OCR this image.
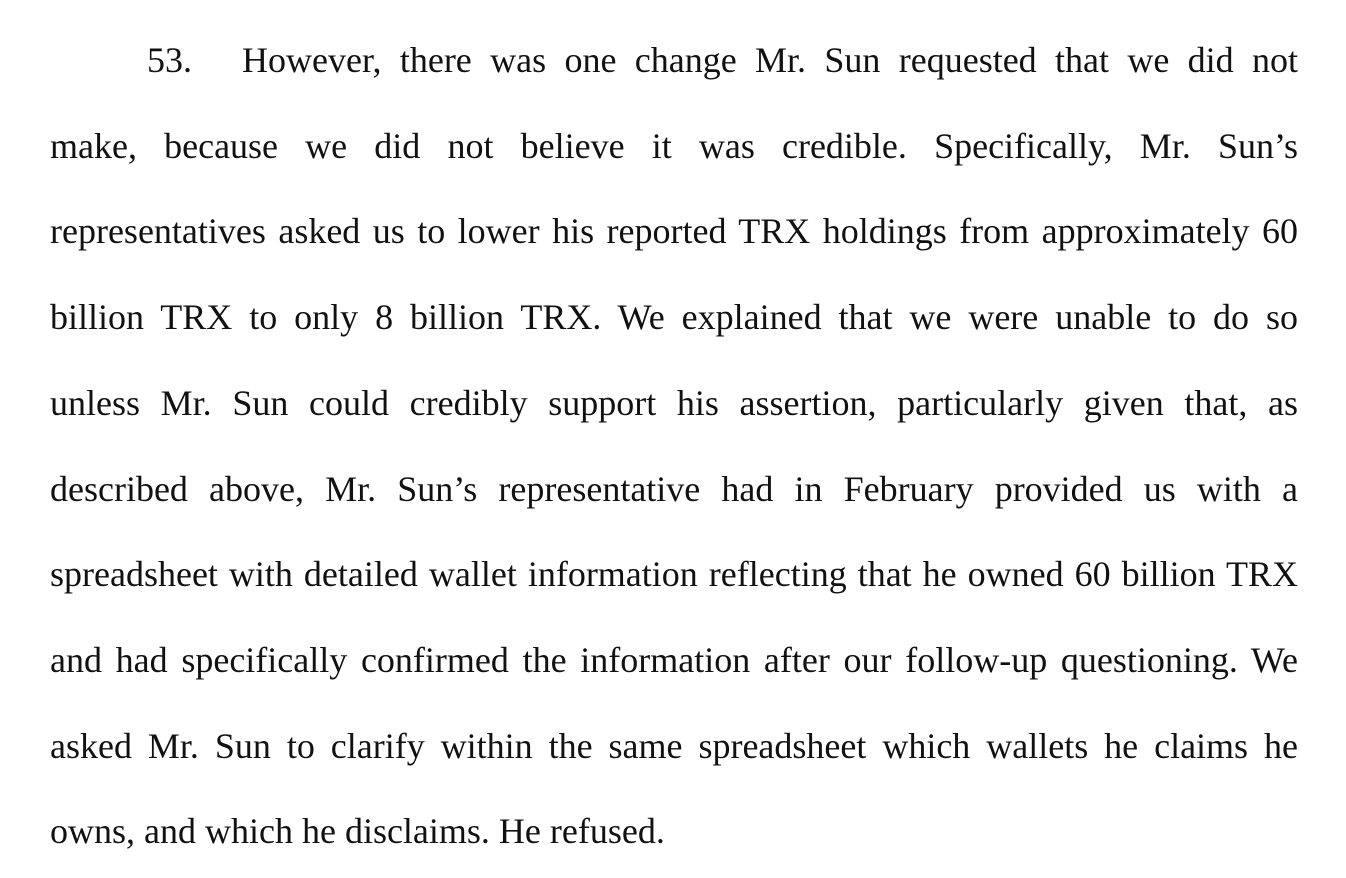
53. However, there was one change Mr. Sun requested that we did not
make, because we did not believe it was credible. Specifically, Mr. Sun’s
representatives asked us to lower his reported TRX holdings from approximately 60
billion TRX to only 8 billion TRX. We explained that we were unable to do so
unless Mr. Sun could credibly support his assertion, particularly given that, as
described above, Mr. Sun’s representative had in February provided us with a
spreadsheet with detailed wallet information reflecting that he owned 60 billion TRX
and had specifically confirmed the information after our follow-up questioning. We
asked Mr. Sun to clarify within the same spreadsheet which wallets he claims he
owns, and which he disclaims. He refused.
